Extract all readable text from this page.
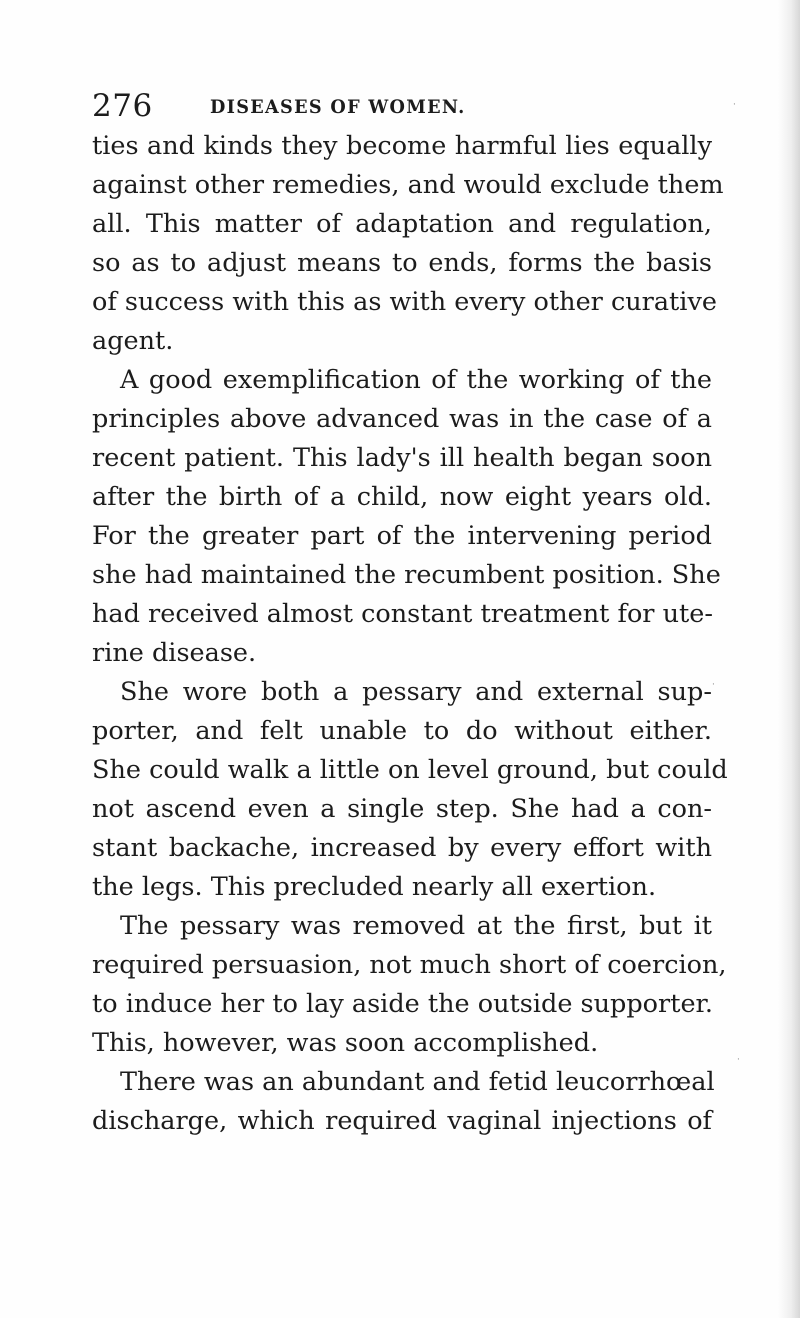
276	DISEASES OF WOMEN.
ties and kinds they become harmful lies equally
against other remedies, and would exclude them
all. This matter of adaptation and regulation,
so as to adjust means to ends, forms the basis
of success with this as with every other curative
agent.
A good exemplification of the working of the
principles above advanced was in the case of a
recent patient. This lady's ill health began soon
after the birth of a child, now eight years old.
For the greater part of the intervening period
she had maintained the recumbent position. She
had received almost constant treatment for ute-
rine disease.
She wore both a pessary and external sup-
porter, and felt unable to do without either.
She could walk a little on level ground, but could
not ascend even a single step. She had a con-
stant backache, increased by every effort with
the legs. This precluded nearly all exertion.
The pessary was removed at the first, but it
required persuasion, not much short of coercion,
to induce her to lay aside the outside supporter.
This, however, was soon accomplished.
There was an abundant and fetid leucorrhœal
discharge, which required vaginal injections of
·
·
·
